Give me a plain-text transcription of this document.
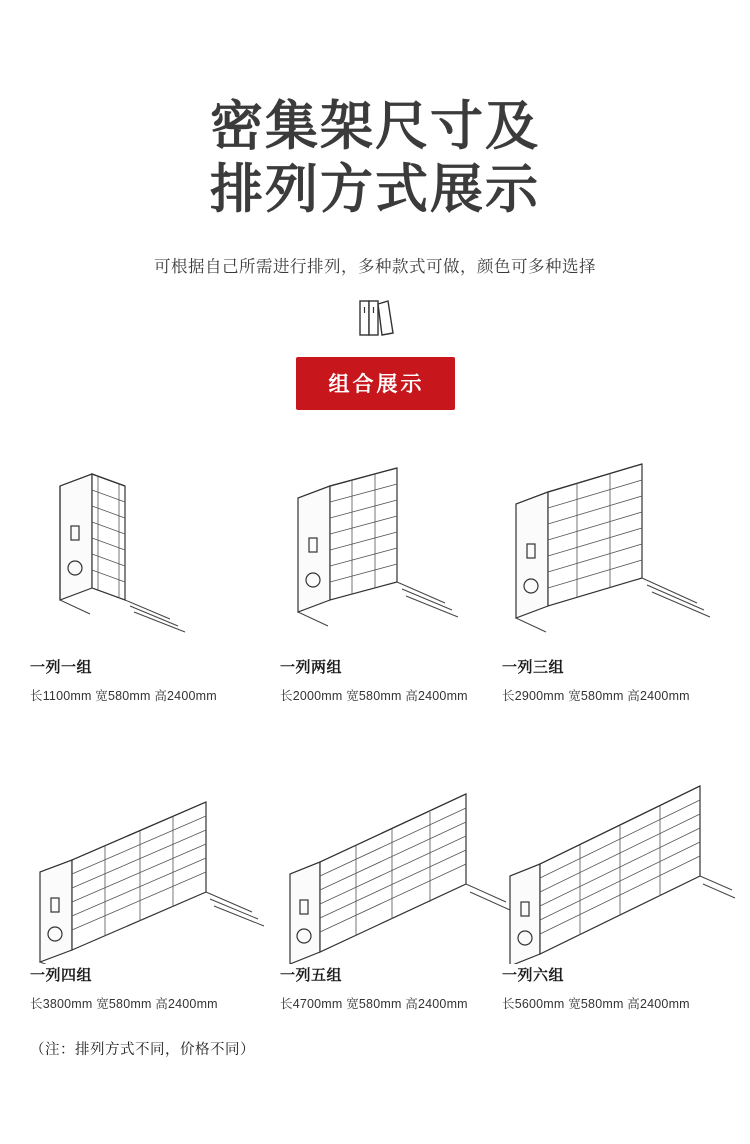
密集架尺寸及
排列方式展示
可根据自己所需进行排列，多种款式可做，颜色可多种选择
组合展示
一列一组
长1100mm 宽580mm 高2400mm
一列两组
长2000mm 宽580mm 高2400mm
一列三组
长2900mm 宽580mm 高2400mm
一列四组
长3800mm 宽580mm 高2400mm
一列五组
长4700mm 宽580mm 高2400mm
一列六组
长5600mm 宽580mm 高2400mm
（注：排列方式不同，价格不同）
